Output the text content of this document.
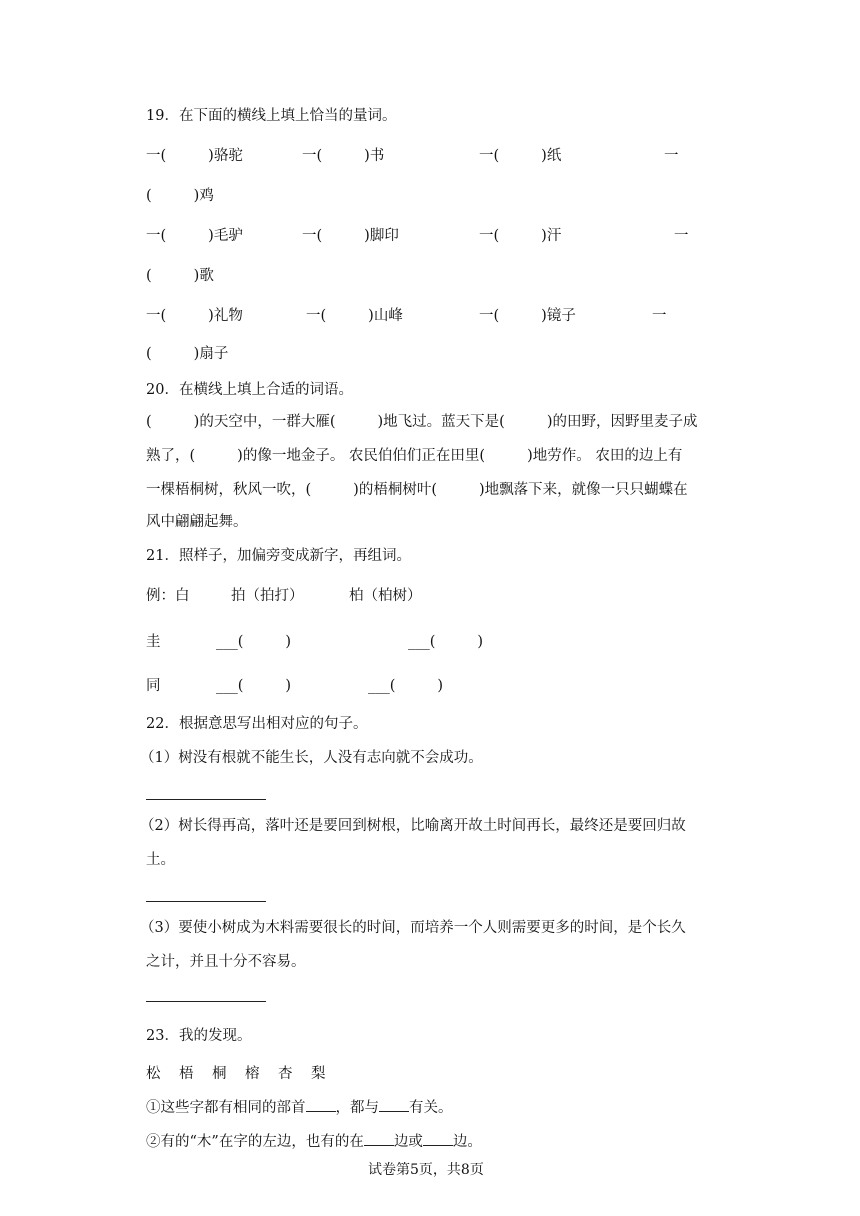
19．在下面的横线上填上恰当的量词。
一(	)骆驼	一(	)书	一(	)纸	一
(	)鸡
一(	)毛驴	一(	)脚印	一(	)汗	一
(	)歌
一(	)礼物	一(	)山峰	一(	)镜子	一
(	)扇子
20．在横线上填上合适的词语。
(	)的天空中，一群大雁(	)地飞过。蓝天下是(	)的田野，因野里麦子成
熟了，(	)的像一地金子。 农民伯伯们正在田里(	)地劳作。 农田的边上有
一棵梧桐树，秋风一吹，(	)的梧桐树叶(	)地飘落下来，就像一只只蝴蝶在
风中翩翩起舞。
21．照样子，加偏旁变成新字，再组词。
例：白	拍（拍打）	柏（柏树）
圭	___(	)	___(	)
同	___(	)	___(	)
22．根据意思写出相对应的句子。
（1）树没有根就不能生长，人没有志向就不会成功。
（2）树长得再高，落叶还是要回到树根，比喻离开故土时间再长，最终还是要回归故
土。
（3）要使小树成为木料需要很长的时间，而培养一个人则需要更多的时间，是个长久
之计，并且十分不容易。
23．我的发现。
松 梧 桐 榕 杏 梨
①这些字都有相同的部首 ，都与 有关。
②有的“木”在字的左边，也有的在 边或 边。
试卷第5页，共8页
